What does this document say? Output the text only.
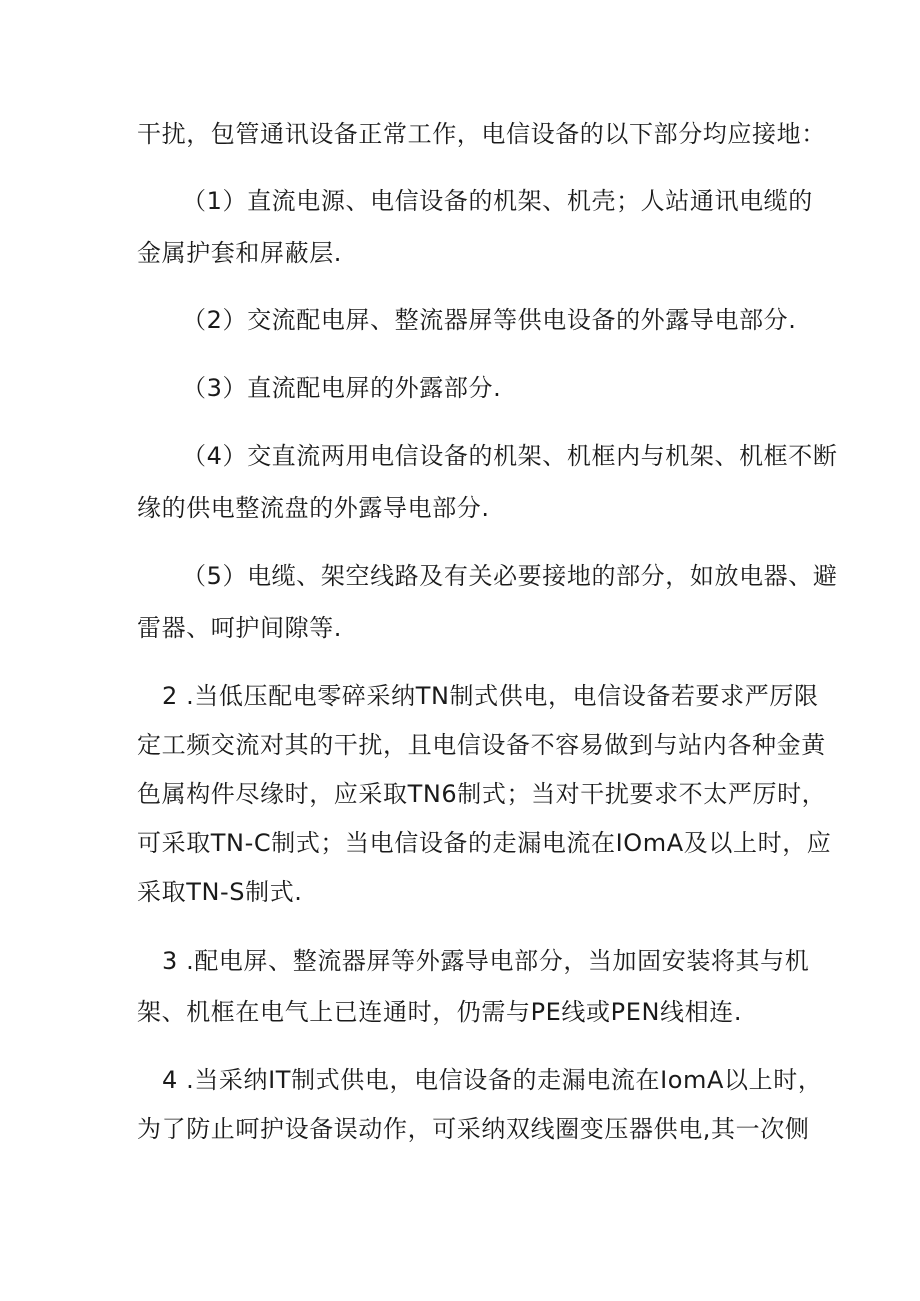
干扰，包管通讯设备正常工作，电信设备的以下部分均应接地：
（1）直流电源、电信设备的机架、机壳；人站通讯电缆的
金属护套和屏蔽层.
（2）交流配电屏、整流器屏等供电设备的外露导电部分.
（3）直流配电屏的外露部分.
（4）交直流两用电信设备的机架、机框内与机架、机框不断
缘的供电整流盘的外露导电部分.
（5）电缆、架空线路及有关必要接地的部分，如放电器、避
雷器、呵护间隙等.
2 .当低压配电零碎采纳TN制式供电，电信设备若要求严厉限
定工频交流对其的干扰，且电信设备不容易做到与站内各种金黄
色属构件尽缘时，应采取TN6制式；当对干扰要求不太严厉时，
可采取TN-C制式；当电信设备的走漏电流在IOmA及以上时，应
采取TN-S制式.
3 .配电屏、整流器屏等外露导电部分，当加固安装将其与机
架、机框在电气上已连通时，仍需与PE线或PEN线相连.
4 .当采纳IT制式供电，电信设备的走漏电流在IomA以上时，
为了防止呵护设备误动作，可采纳双线圈变压器供电,其一次侧
